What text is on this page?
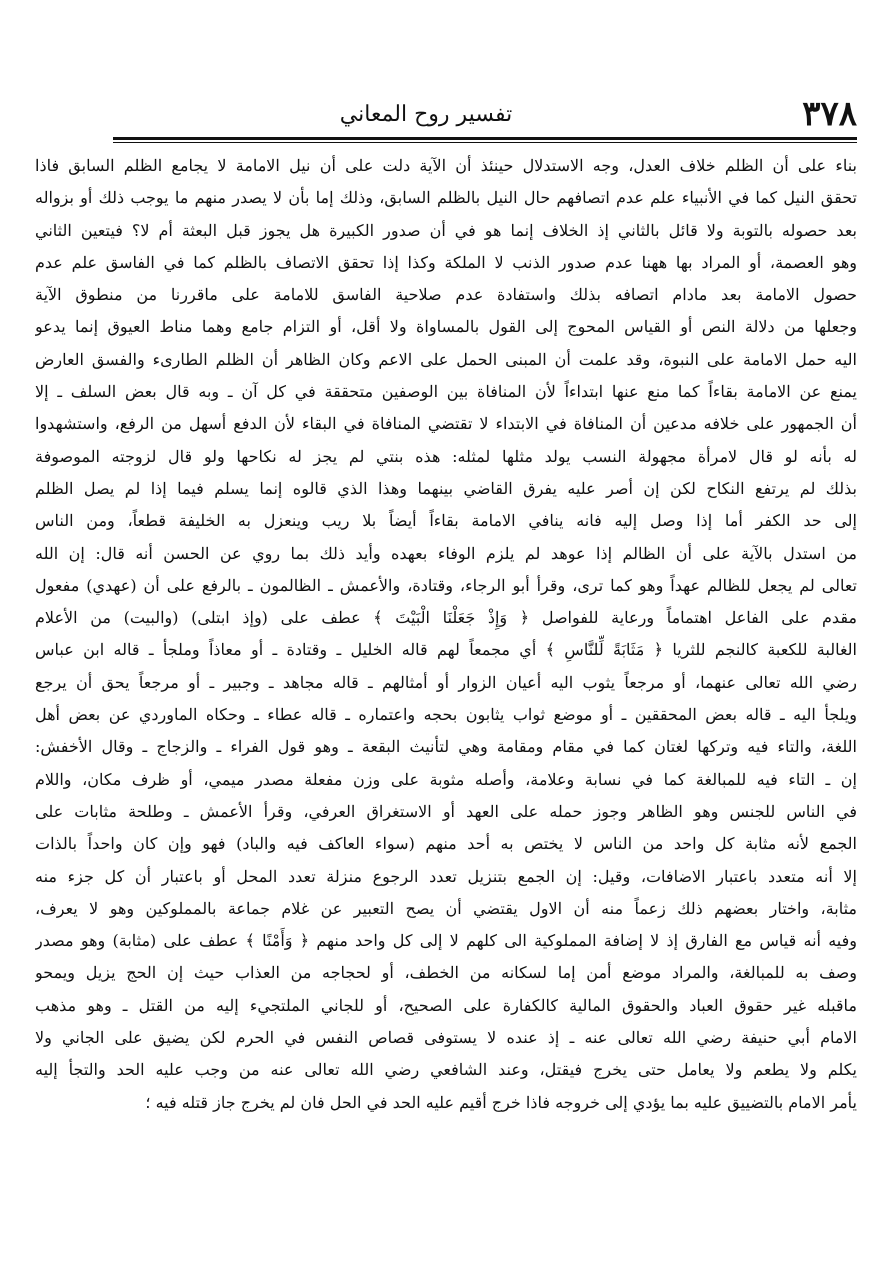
٣٧٨
تفسير روح المعاني
بناء على أن الظلم خلاف العدل، وجه الاستدلال حينئذ أن الآية دلت على أن نيل الامامة لا يجامع الظلم السابق فاذا
تحقق النيل كما في الأنبياء علم عدم اتصافهم حال النيل بالظلم السابق، وذلك إما بأن لا يصدر منهم ما يوجب ذلك أو بزواله
بعد حصوله بالتوبة ولا قائل بالثاني إذ الخلاف إنما هو في أن صدور الكبيرة هل يجوز قبل البعثة أم لا؟ فيتعين الثاني
وهو العصمة، أو المراد بها ههنا عدم صدور الذنب لا الملكة وكذا إذا تحقق الاتصاف بالظلم كما في الفاسق علم عدم
حصول الامامة بعد مادام اتصافه بذلك واستفادة عدم صلاحية الفاسق للامامة على ماقررنا من منطوق الآية
وجعلها من دلالة النص أو القياس المحوج إلى القول بالمساواة ولا أقل، أو التزام جامع وهما مناط العيوق إنما يدعو
اليه حمل الامامة على النبوة، وقد علمت أن المبنى الحمل على الاعم وكان الظاهر أن الظلم الطارىء والفسق العارض
يمنع عن الامامة بقاءاً كما منع عنها ابتداءاً لأن المنافاة بين الوصفين متحققة في كل آن ـ وبه قال بعض السلف ـ إلا
أن الجمهور على خلافه مدعين أن المنافاة في الابتداء لا تقتضي المنافاة في البقاء لأن الدفع أسهل من الرفع، واستشهدوا
له بأنه لو قال لامرأة مجهولة النسب يولد مثلها لمثله: هذه بنتي لم يجز له نكاحها ولو قال لزوجته الموصوفة
بذلك لم يرتفع النكاح لكن إن أصر عليه يفرق القاضي بينهما وهذا الذي قالوه إنما يسلم فيما إذا لم يصل الظلم
إلى حد الكفر أما إذا وصل إليه فانه ينافي الامامة بقاءاً أيضاً بلا ريب وينعزل به الخليفة قطعاً، ومن الناس
من استدل بالآية على أن الظالم إذا عوهد لم يلزم الوفاء بعهده وأيد ذلك بما روي عن الحسن أنه قال: إن الله
تعالى لم يجعل للظالم عهداً وهو كما ترى، وقرأ أبو الرجاء، وقتادة، والأعمش ـ الظالمون ـ بالرفع على أن (عهدي) مفعول
مقدم على الفاعل اهتماماً ورعاية للفواصل ﴿ وَإِذْ جَعَلْنَا الْبَيْتَ ﴾ عطف على (وإذ ابتلى) (والبيت) من الأعلام
الغالبة للكعبة كالنجم للثريا ﴿ مَثَابَةً لِّلنَّاسِ ﴾ أي مجمعاً لهم قاله الخليل ـ وقتادة ـ أو معاذاً وملجأ ـ قاله ابن عباس
رضي الله تعالى عنهما، أو مرجعاً يثوب اليه أعيان الزوار أو أمثالهم ـ قاله مجاهد ـ وجبير ـ أو مرجعاً يحق أن يرجع
ويلجأ اليه ـ قاله بعض المحققين ـ أو موضع ثواب يثابون بحجه واعتماره ـ قاله عطاء ـ وحكاه الماوردي عن بعض أهل
اللغة، والتاء فيه وتركها لغتان كما في مقام ومقامة وهي لتأنيث البقعة ـ وهو قول الفراء ـ والزجاج ـ وقال الأخفش:
إن ـ التاء فيه للمبالغة كما في نسابة وعلامة، وأصله مثوبة على وزن مفعلة مصدر ميمي، أو ظرف مكان، واللام
في الناس للجنس وهو الظاهر وجوز حمله على العهد أو الاستغراق العرفي، وقرأ الأعمش ـ وطلحة مثابات على
الجمع لأنه مثابة كل واحد من الناس لا يختص به أحد منهم (سواء العاكف فيه والباد) فهو وإن كان واحداً بالذات
إلا أنه متعدد باعتبار الاضافات، وقيل: إن الجمع بتنزيل تعدد الرجوع منزلة تعدد المحل أو باعتبار أن كل جزء منه
مثابة، واختار بعضهم ذلك زعماً منه أن الاول يقتضي أن يصح التعبير عن غلام جماعة بالمملوكين وهو لا يعرف،
وفيه أنه قياس مع الفارق إذ لا إضافة المملوكية الى كلهم لا إلى كل واحد منهم ﴿ وَأَمْنًا ﴾ عطف على (مثابة) وهو مصدر
وصف به للمبالغة، والمراد موضع أمن إما لسكانه من الخطف، أو لحجاجه من العذاب حيث إن الحج يزيل ويمحو
ماقبله غير حقوق العباد والحقوق المالية كالكفارة على الصحيح، أو للجاني الملتجيء إليه من القتل ـ وهو مذهب
الامام أبي حنيفة رضي الله تعالى عنه ـ إذ عنده لا يستوفى قصاص النفس في الحرم لكن يضيق على الجاني ولا
يكلم ولا يطعم ولا يعامل حتى يخرج فيقتل، وعند الشافعي رضي الله تعالى عنه من وجب عليه الحد والتجأ إليه
يأمر الامام بالتضييق عليه بما يؤدي إلى خروجه فاذا خرج أقيم عليه الحد في الحل فان لم يخرج جاز قتله فيه ؛
